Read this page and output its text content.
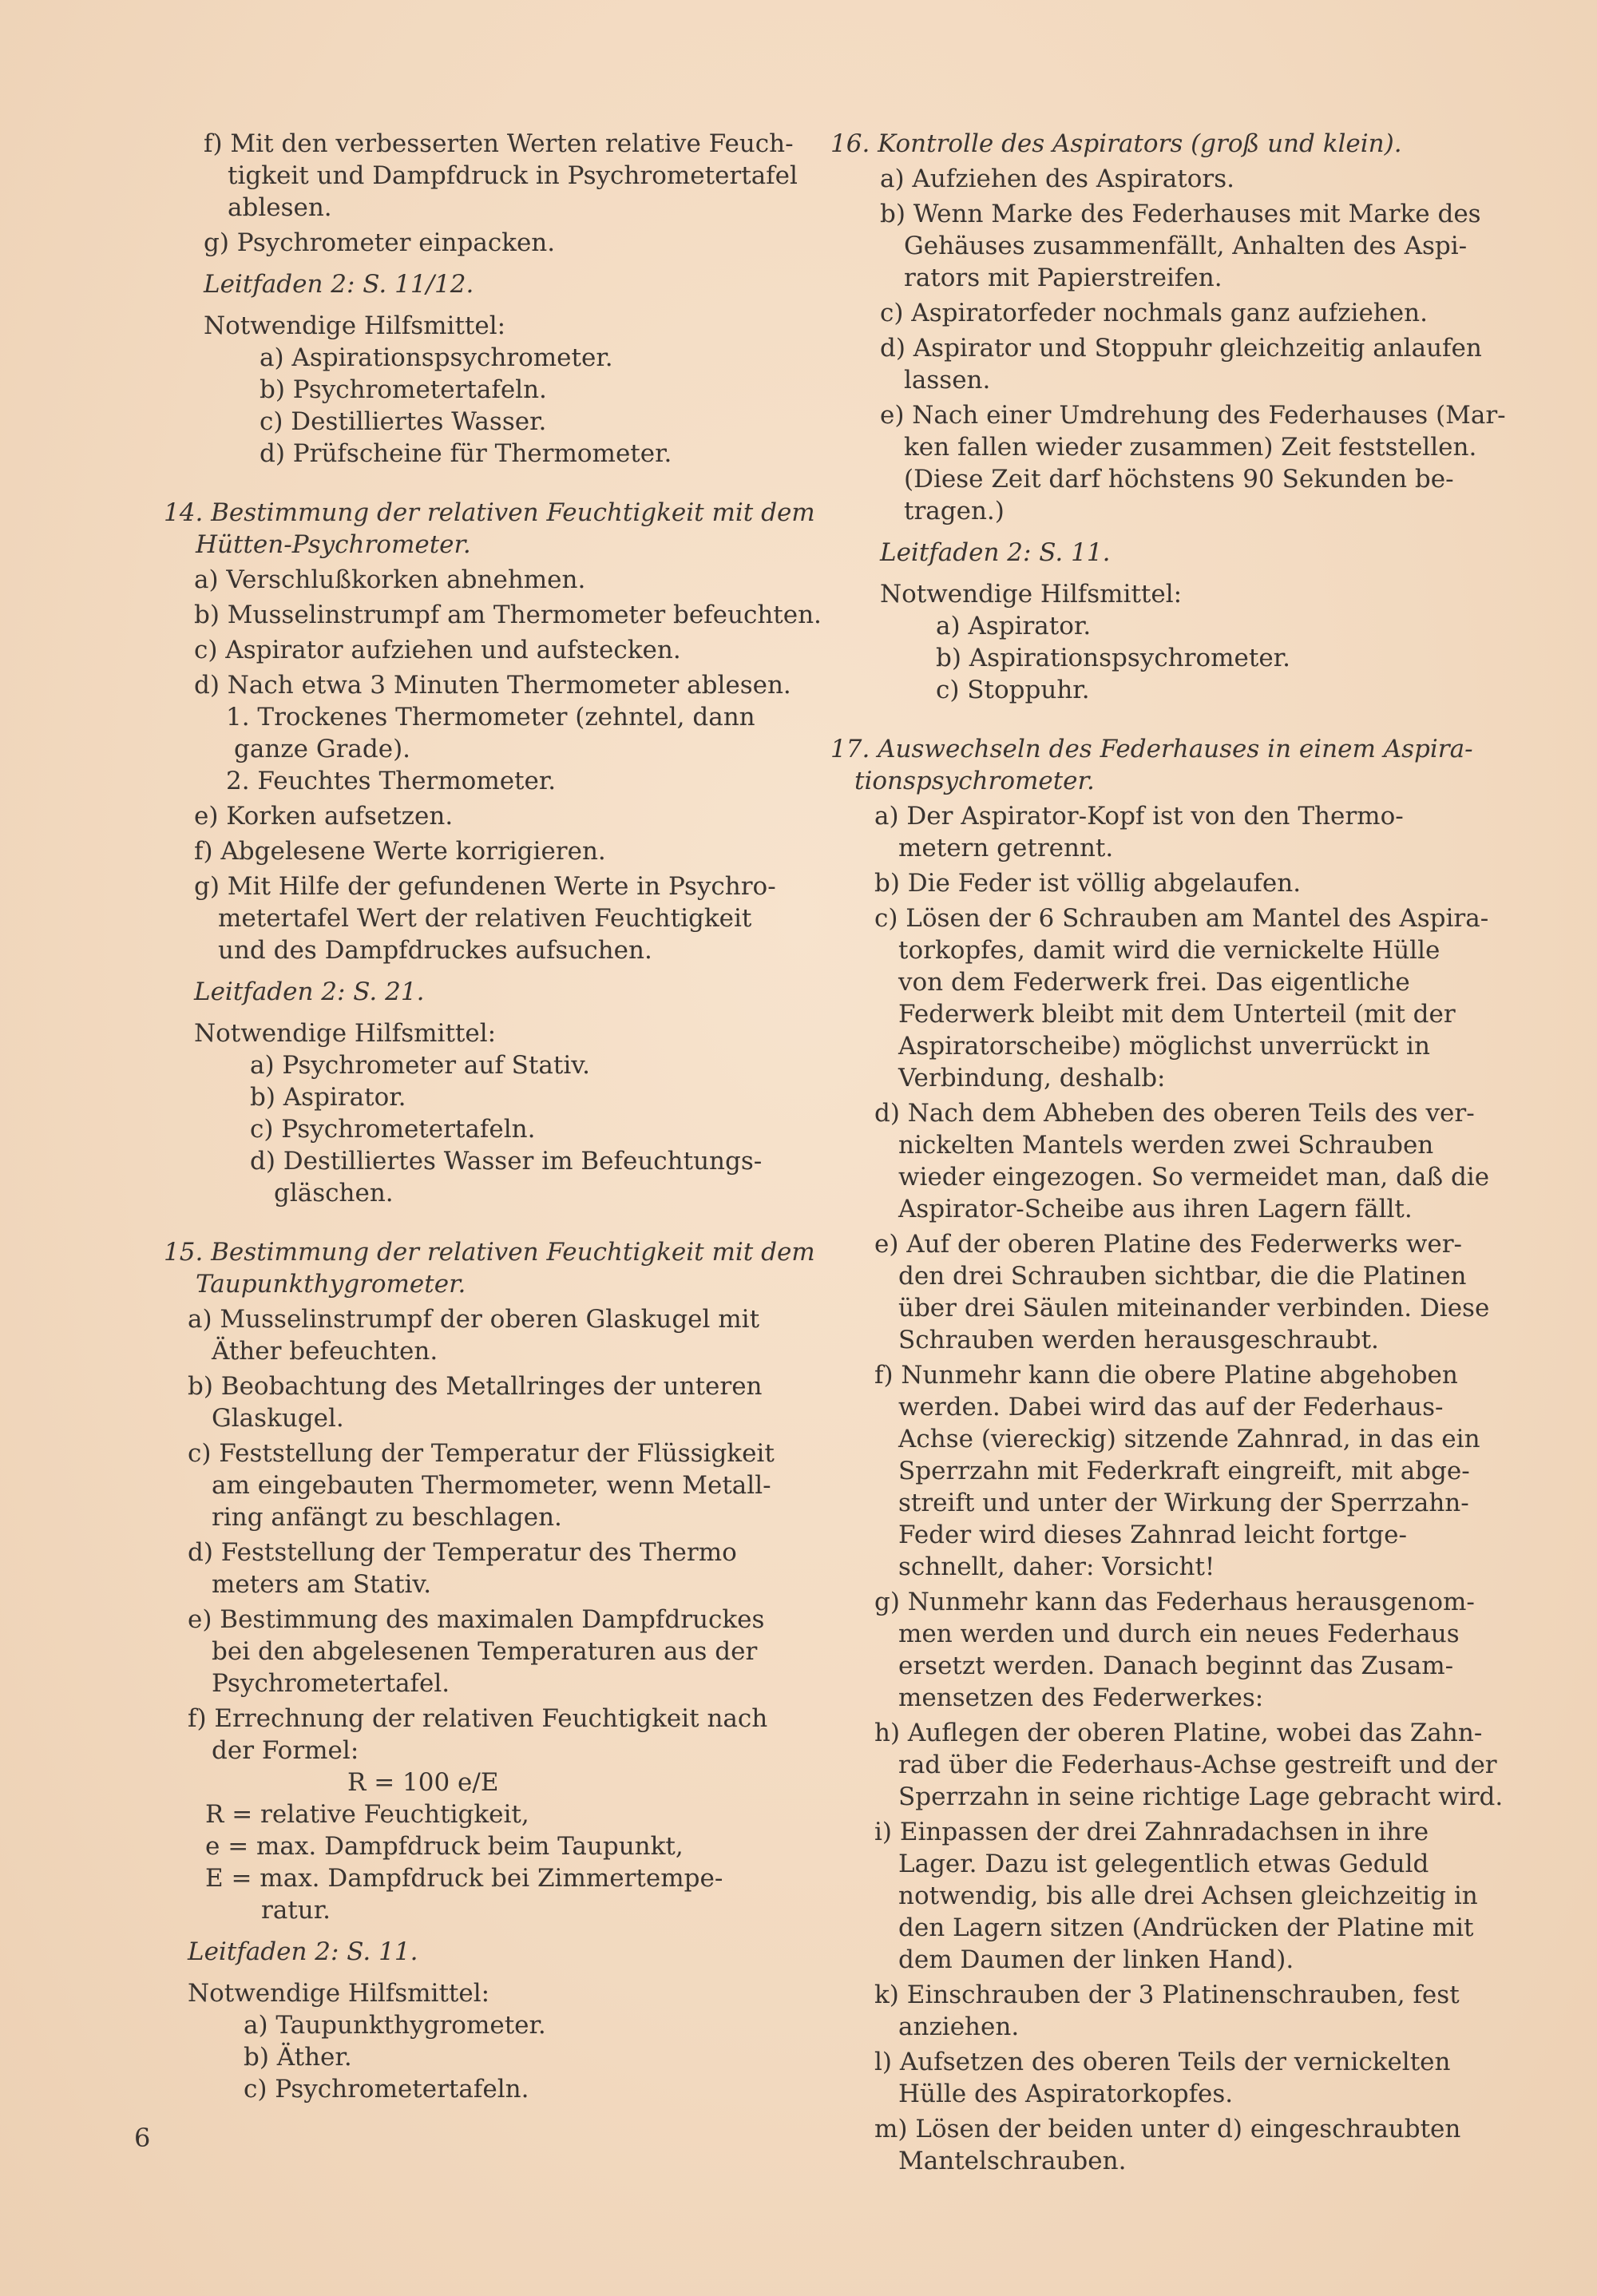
f) Mit den verbesserten Werten relative Feuch-
tigkeit und Dampfdruck in Psychrometertafel
ablesen.
g) Psychrometer einpacken.
Leitfaden 2: S. 11/12.
Notwendige Hilfsmittel:
a) Aspirationspsychrometer.
b) Psychrometertafeln.
c) Destilliertes Wasser.
d) Prüfscheine für Thermometer.
14. Bestimmung der relativen Feuchtigkeit mit dem
Hütten-Psychrometer.
a) Verschlußkorken abnehmen.
b) Musselinstrumpf am Thermometer befeuchten.
c) Aspirator aufziehen und aufstecken.
d) Nach etwa 3 Minuten Thermometer ablesen.
1. Trockenes Thermometer (zehntel, dann
ganze Grade).
2. Feuchtes Thermometer.
e) Korken aufsetzen.
f) Abgelesene Werte korrigieren.
g) Mit Hilfe der gefundenen Werte in Psychro-
metertafel Wert der relativen Feuchtigkeit
und des Dampfdruckes aufsuchen.
Leitfaden 2: S. 21.
Notwendige Hilfsmittel:
a) Psychrometer auf Stativ.
b) Aspirator.
c) Psychrometertafeln.
d) Destilliertes Wasser im Befeuchtungs-
gläschen.
15. Bestimmung der relativen Feuchtigkeit mit dem
Taupunkthygrometer.
a) Musselinstrumpf der oberen Glaskugel mit
Äther befeuchten.
b) Beobachtung des Metallringes der unteren
Glaskugel.
c) Feststellung der Temperatur der Flüssigkeit
am eingebauten Thermometer, wenn Metall-
ring anfängt zu beschlagen.
d) Feststellung der Temperatur des Thermo
meters am Stativ.
e) Bestimmung des maximalen Dampfdruckes
bei den abgelesenen Temperaturen aus der
Psychrometertafel.
f) Errechnung der relativen Feuchtigkeit nach
der Formel:
R = 100 e/E
R = relative Feuchtigkeit,
e = max. Dampfdruck beim Taupunkt,
E = max. Dampfdruck bei Zimmertempe-
ratur.
Leitfaden 2: S. 11.
Notwendige Hilfsmittel:
a) Taupunkthygrometer.
b) Äther.
c) Psychrometertafeln.
16. Kontrolle des Aspirators (groß und klein).
a) Aufziehen des Aspirators.
b) Wenn Marke des Federhauses mit Marke des
Gehäuses zusammenfällt, Anhalten des Aspi-
rators mit Papierstreifen.
c) Aspiratorfeder nochmals ganz aufziehen.
d) Aspirator und Stoppuhr gleichzeitig anlaufen
lassen.
e) Nach einer Umdrehung des Federhauses (Mar-
ken fallen wieder zusammen) Zeit feststellen.
(Diese Zeit darf höchstens 90 Sekunden be-
tragen.)
Leitfaden 2: S. 11.
Notwendige Hilfsmittel:
a) Aspirator.
b) Aspirationspsychrometer.
c) Stoppuhr.
17. Auswechseln des Federhauses in einem Aspira-
tionspsychrometer.
a) Der Aspirator-Kopf ist von den Thermo-
metern getrennt.
b) Die Feder ist völlig abgelaufen.
c) Lösen der 6 Schrauben am Mantel des Aspira-
torkopfes, damit wird die vernickelte Hülle
von dem Federwerk frei. Das eigentliche
Federwerk bleibt mit dem Unterteil (mit der
Aspiratorscheibe) möglichst unverrückt in
Verbindung, deshalb:
d) Nach dem Abheben des oberen Teils des ver-
nickelten Mantels werden zwei Schrauben
wieder eingezogen. So vermeidet man, daß die
Aspirator-Scheibe aus ihren Lagern fällt.
e) Auf der oberen Platine des Federwerks wer-
den drei Schrauben sichtbar, die die Platinen
über drei Säulen miteinander verbinden. Diese
Schrauben werden herausgeschraubt.
f) Nunmehr kann die obere Platine abgehoben
werden. Dabei wird das auf der Federhaus-
Achse (viereckig) sitzende Zahnrad, in das ein
Sperrzahn mit Federkraft eingreift, mit abge-
streift und unter der Wirkung der Sperrzahn-
Feder wird dieses Zahnrad leicht fortge-
schnellt, daher: Vorsicht!
g) Nunmehr kann das Federhaus herausgenom-
men werden und durch ein neues Federhaus
ersetzt werden. Danach beginnt das Zusam-
mensetzen des Federwerkes:
h) Auflegen der oberen Platine, wobei das Zahn-
rad über die Federhaus-Achse gestreift und der
Sperrzahn in seine richtige Lage gebracht wird.
i) Einpassen der drei Zahnradachsen in ihre
Lager. Dazu ist gelegentlich etwas Geduld
notwendig, bis alle drei Achsen gleichzeitig in
den Lagern sitzen (Andrücken der Platine mit
dem Daumen der linken Hand).
k) Einschrauben der 3 Platinenschrauben, fest
anziehen.
l) Aufsetzen des oberen Teils der vernickelten
Hülle des Aspiratorkopfes.
m) Lösen der beiden unter d) eingeschraubten
Mantelschrauben.
6
